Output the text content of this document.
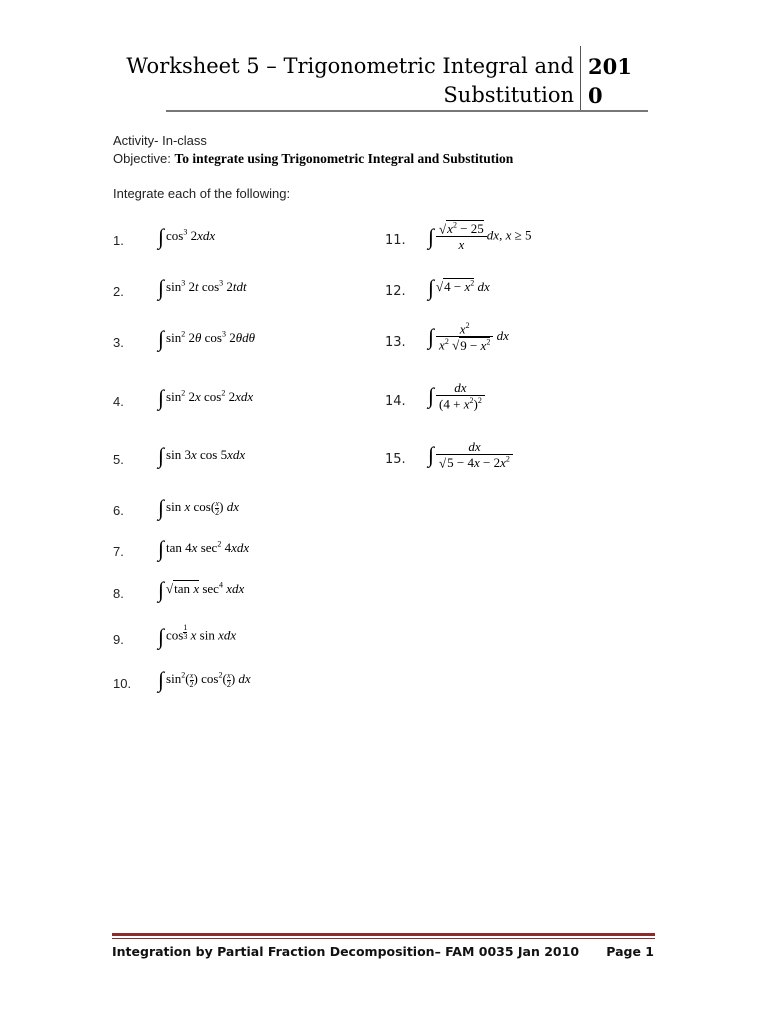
Worksheet 5 – Trigonometric Integral and
Substitution
201
0
Activity- In-class
Objective: To integrate using Trigonometric Integral and Substitution
Integrate each of the following:
1.
2.
3.
4.
5.
6.
7.
8.
9.
10.
11.
12.
13.
14.
15.
∫ $\cos^3 2xdx$
∫ $\sin^3 2t$ $\cos^3 2tdt$
∫ $\sin^2 2\theta$ $\cos^3 2\theta d\theta$
∫ $\sin^2 2x$ $\cos^2 2xdx$
∫ sin 3x cos 5xdx
∫ sin x $\cos( \frac{x}{2}$ ) dx
∫ tan 4x $\sec^2 4xdx$
∫ √tan x $\sec^4$ xdx
∫ cos $^{\frac{1}{3}}$ x sin xdx
∫ $\sin^2( \frac{x}{2}$ ) $\cos^2( \frac{x}{2}$ ) dx
∫ $\frac{√x^2 - 25}{x}$ dx, x ≥ 5
∫ $√4 - x^2$ dx
∫ $\frac{x^2}{x^2 √9 - x^2}$ dx
∫ $\frac{dx}{(4 + x^2)^2}$
∫ $\frac{dx}{√5 - 4x - 2x^2}$
Integration by Partial Fraction Decomposition– FAM 0035 Jan 2010 Page 1
